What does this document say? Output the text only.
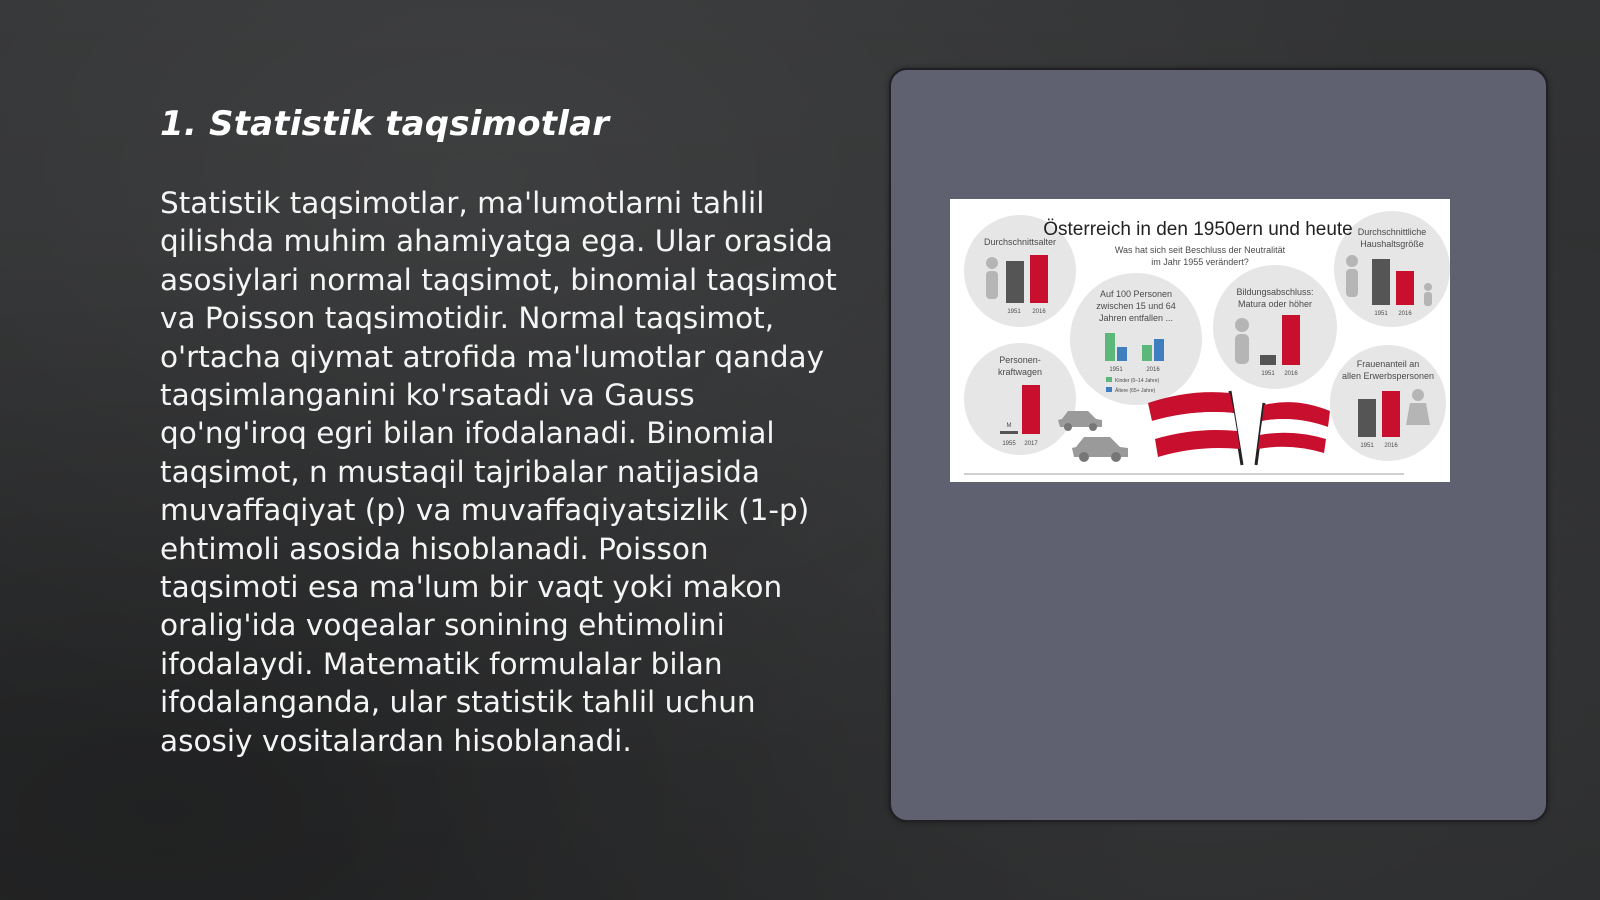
1. Statistik taqsimotlar

Statistik taqsimotlar, ma'lumotlarni tahlil qilishda muhim ahamiyatga ega. Ular orasida asosiylari normal taqsimot, binomial taqsimot va Poisson taqsimotidir. Normal taqsimot, o'rtacha qiymat atrofida ma'lumotlar qanday taqsimlanganini ko'rsatadi va Gauss qo'ng'iroq egri bilan ifodalanadi. Binomial taqsimot, n mustaqil tajribalar natijasida muvaffaqiyat (p) va muvaffaqiyatsizlik (1-p) ehtimoli asosida hisoblanadi. Poisson taqsimoti esa ma'lum bir vaqt yoki makon oralig'ida voqealar sonining ehtimolini ifodalaydi. Matematik formulalar bilan ifodalanganda, ular statistik tahlil uchun asosiy vositalardan hisoblanadi.

Österreich in den 1950ern und heute
Was hat sich seit Beschluss der Neutralität
im Jahr 1955 verändert?
Durchschnittsalter
1951 2016
Auf 100 Personen
zwischen 15 und 64
Jahren entfallen ...
1951	2016
Kinder (0–14 Jahre)
Ältere (65+ Jahre)
Bildungsabschluss:
Matura oder höher
1951 2016
Durchschnittliche
Haushaltsgröße
1951 2016
Personen-
kraftwagen
M
1955 2017
Frauenanteil an
allen Erwerbspersonen
1951 2016
